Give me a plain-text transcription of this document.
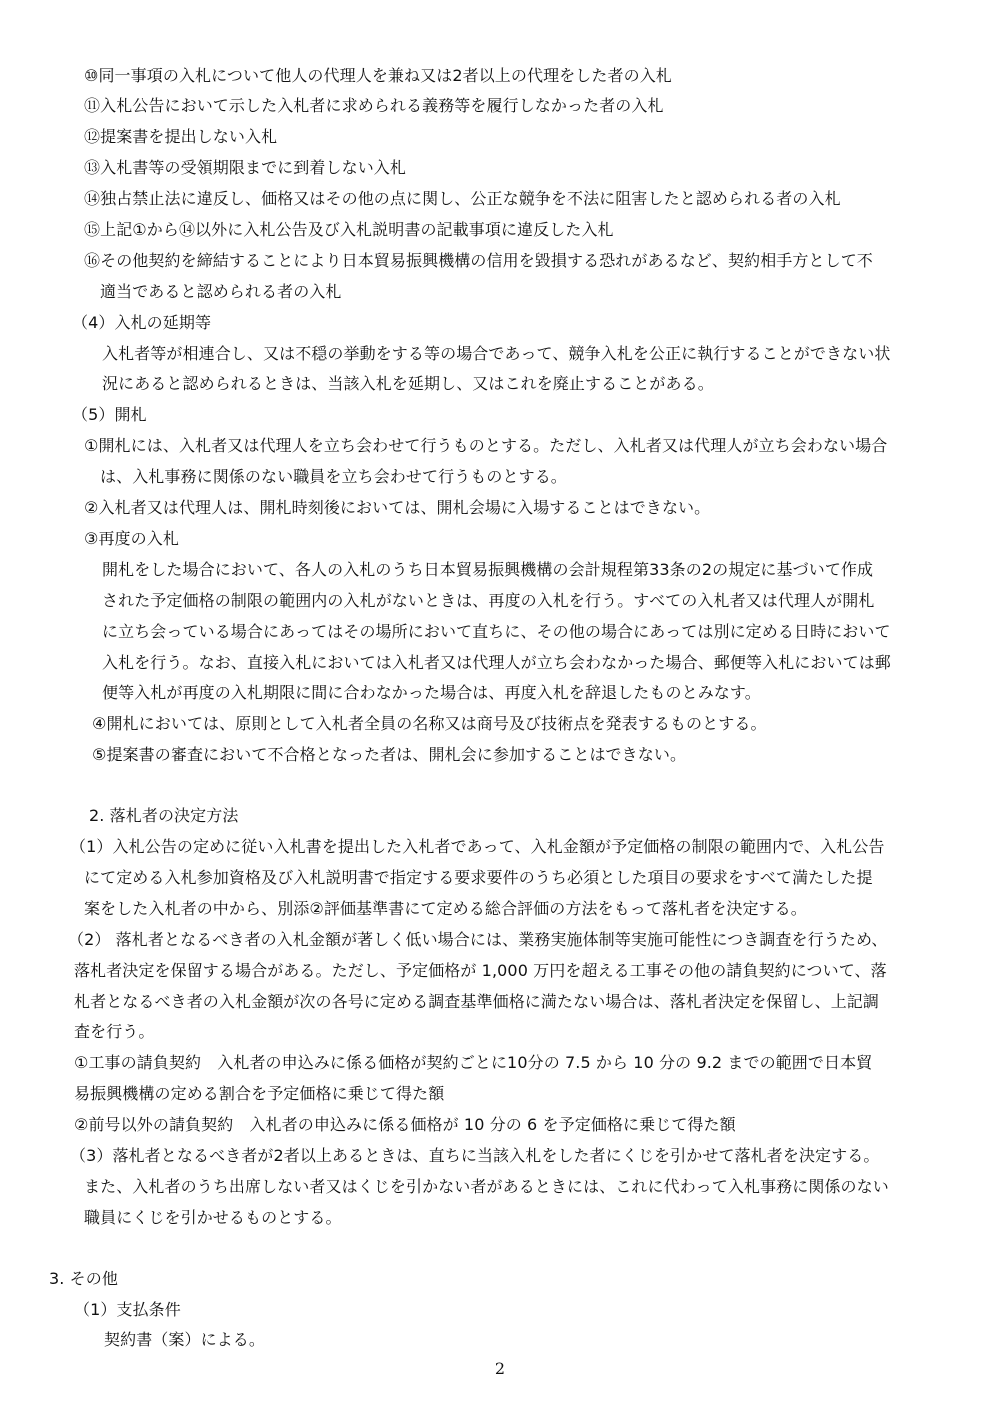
⑩同一事項の入札について他人の代理人を兼ね又は2者以上の代理をした者の入札
⑪入札公告において示した入札者に求められる義務等を履行しなかった者の入札
⑫提案書を提出しない入札
⑬入札書等の受領期限までに到着しない入札
⑭独占禁止法に違反し、価格又はその他の点に関し、公正な競争を不法に阻害したと認められる者の入札
⑮上記①から⑭以外に入札公告及び入札説明書の記載事項に違反した入札
⑯その他契約を締結することにより日本貿易振興機構の信用を毀損する恐れがあるなど、契約相手方として不
適当であると認められる者の入札
（4）入札の延期等
入札者等が相連合し、又は不穏の挙動をする等の場合であって、競争入札を公正に執行することができない状
況にあると認められるときは、当該入札を延期し、又はこれを廃止することがある。
（5）開札
①開札には、入札者又は代理人を立ち会わせて行うものとする。ただし、入札者又は代理人が立ち会わない場合
は、入札事務に関係のない職員を立ち会わせて行うものとする。
②入札者又は代理人は、開札時刻後においては、開札会場に入場することはできない。
③再度の入札
開札をした場合において、各人の入札のうち日本貿易振興機構の会計規程第33条の2の規定に基づいて作成
された予定価格の制限の範囲内の入札がないときは、再度の入札を行う。すべての入札者又は代理人が開札
に立ち会っている場合にあってはその場所において直ちに、その他の場合にあっては別に定める日時において
入札を行う。なお、直接入札においては入札者又は代理人が立ち会わなかった場合、郵便等入札においては郵
便等入札が再度の入札期限に間に合わなかった場合は、再度入札を辞退したものとみなす。
④開札においては、原則として入札者全員の名称又は商号及び技術点を発表するものとする。
⑤提案書の審査において不合格となった者は、開札会に参加することはできない。
2. 落札者の決定方法
（1）入札公告の定めに従い入札書を提出した入札者であって、入札金額が予定価格の制限の範囲内で、入札公告
にて定める入札参加資格及び入札説明書で指定する要求要件のうち必須とした項目の要求をすべて満たした提
案をした入札者の中から、別添②評価基準書にて定める総合評価の方法をもって落札者を決定する。
（2） 落札者となるべき者の入札金額が著しく低い場合には、業務実施体制等実施可能性につき調査を行うため、
落札者決定を保留する場合がある。ただし、予定価格が 1,000 万円を超える工事その他の請負契約について、落
札者となるべき者の入札金額が次の各号に定める調査基準価格に満たない場合は、落札者決定を保留し、上記調
査を行う。
①工事の請負契約　入札者の申込みに係る価格が契約ごとに10分の 7.5 から 10 分の 9.2 までの範囲で日本貿
易振興機構の定める割合を予定価格に乗じて得た額
②前号以外の請負契約　入札者の申込みに係る価格が 10 分の 6 を予定価格に乗じて得た額
（3）落札者となるべき者が2者以上あるときは、直ちに当該入札をした者にくじを引かせて落札者を決定する。
また、入札者のうち出席しない者又はくじを引かない者があるときには、これに代わって入札事務に関係のない
職員にくじを引かせるものとする。
3. その他
（1）支払条件
契約書（案）による。
2
